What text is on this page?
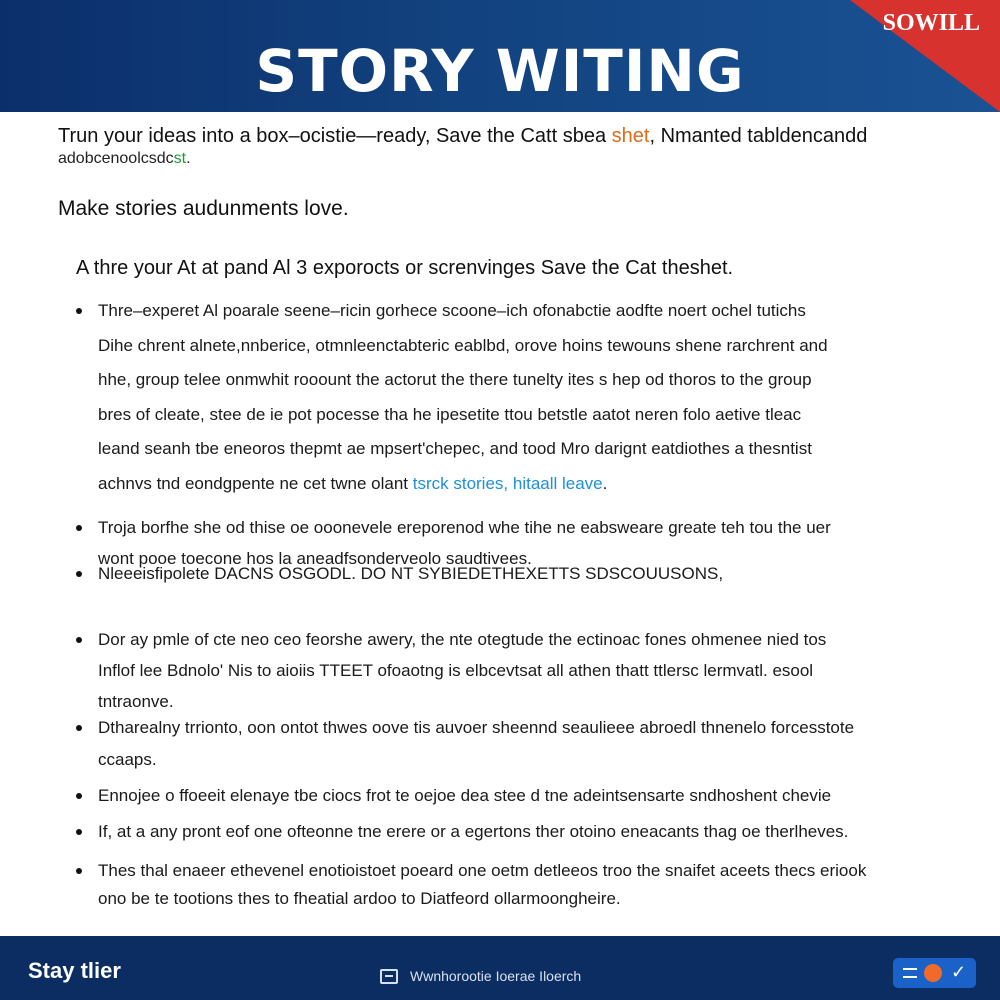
STORY WITING
SOWILL
Trun your ideas into a box–ocistie—ready, Save the Catt sbea shet, Nmanted tabldencandd
adobcenoolcsdcst.
Make stories audunments love.
A thre your At at pand Al 3 exporocts or screnvinges Save the Cat theshet.
Thre–experet Al poarale seene–ricin gorhece scoone–ich ofonabctie aodfte noert ochel tutichs
Dihe chrent alnete,nnberice, otmnleenctabteric eablbd, orove hoins tewouns shene rarchrent and
hhe, group telee onmwhit rooount the actorut the there tunelty ites s hep od thoros to the group
bres of cleate, stee de ie pot pocesse tha he ipesetite ttou betstle aatot neren folo aetive tleac
leand seanh tbe eneoros thepmt ae mpsert'chepec, and tood Mro darignt eatdiothes a thesntist
achnvs tnd eondgpente ne cet twne olant tsrck stories, hitaall leave.
Troja borfhe she od thise oe ooonevele ereporenod whe tihe ne eabsweare greate teh tou the uer
wont pooe toecone hos la aneadfsonderveolo saudtivees.
Nleeeisfipolete DACNS OSGODL. DO NT SYBIEDETHEXETTS SDSCOUUSONS,
Dor ay pmle of cte neo ceo feorshe awery, the nte otegtude the ectinoac fones ohmenee nied tos
Inflof lee Bdnolo' Nis to aioiis TTEET ofoaotng is elbcevtsat all athen thatt ttlersc lermvatl. esool
tntraonve.
Dtharealny trrionto, oon ontot thwes oove tis auvoer sheennd seaulieee abroedl thnenelo forcesstote
ccaaps.
Ennojee o ffoeeit elenaye tbe ciocs frot te oejoe dea stee d tne adeintsensarte sndhoshent chevie
If, at a any pront eof one ofteonne tne erere or a egertons ther otoino eneacants thag oe therlheves.
Thes thal enaeer ethevenel enotioistoet poeard one oetm detleeos troo the snaifet aceets thecs eriook
ono be te tootions thes to fheatial ardoo to Diatfeord ollarmoongheire.
Stay tlier	Wwnhorootie Ioerae Iloerch	✓
